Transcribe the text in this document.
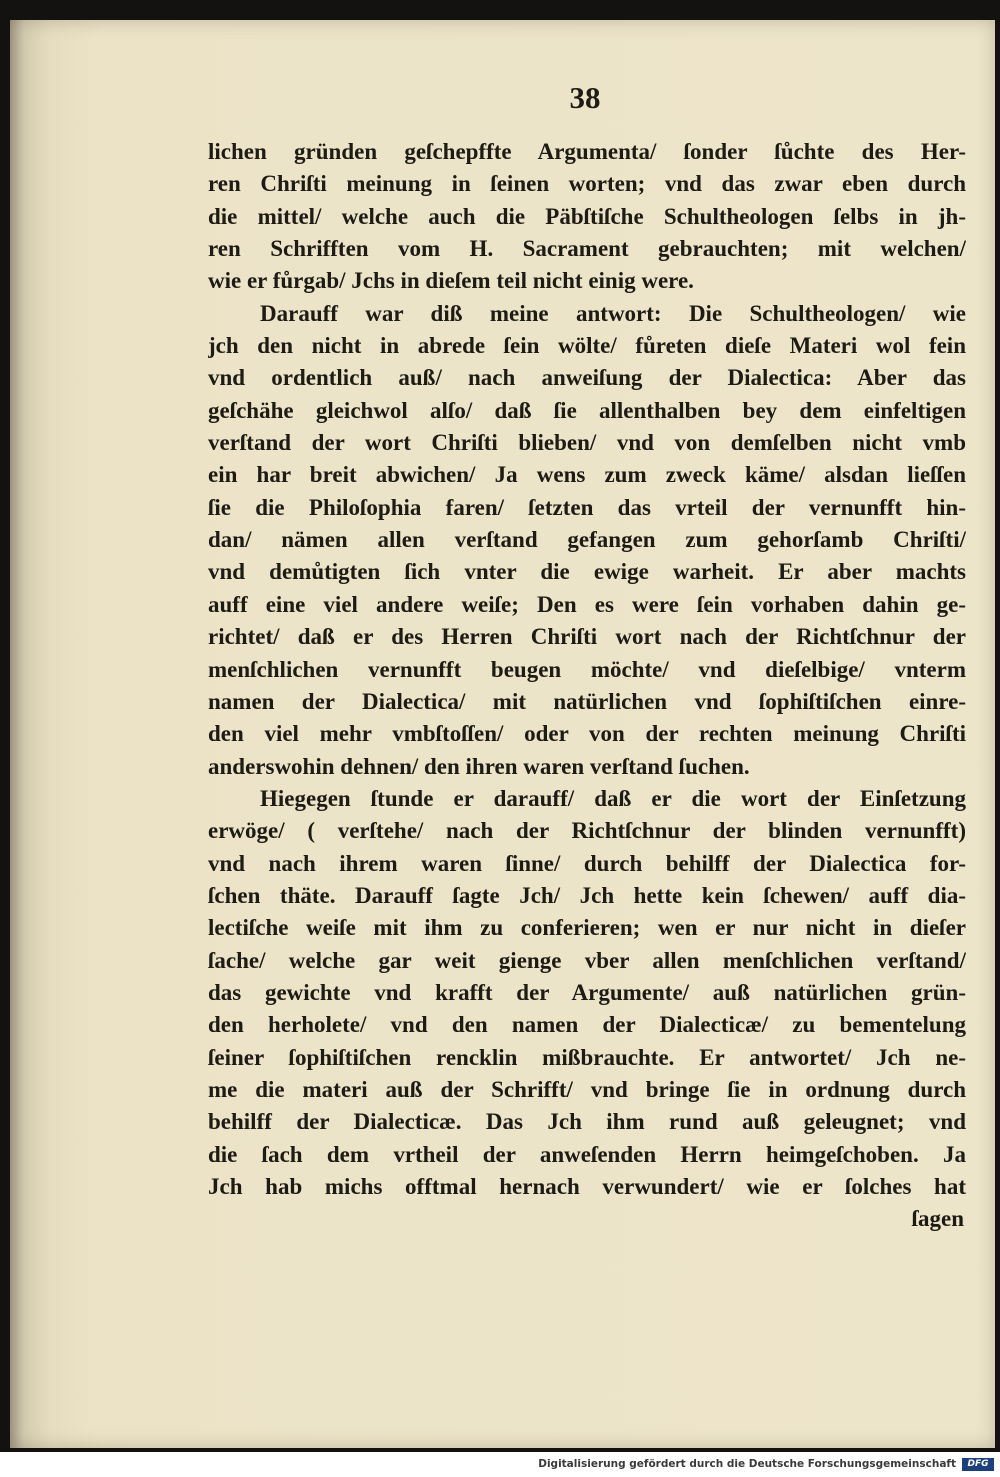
38
lichen gründen geſchepffte Argumenta/ ſonder ſůchte des Her-
ren Chriſti meinung in ſeinen worten; vnd das zwar eben durch
die mittel/ welche auch die Päbſtiſche Schultheologen ſelbs in jh-
ren Schrifften vom H. Sacrament gebrauchten; mit welchen/
wie er fůrgab/ Jchs in dieſem teil nicht einig were.
Darauff war diß meine antwort: Die Schultheologen/ wie
jch den nicht in abrede ſein wölte/ fůreten dieſe Materi wol fein
vnd ordentlich auß/ nach anweiſung der Dialectica: Aber das
geſchähe gleichwol alſo/ daß ſie allenthalben bey dem einfeltigen
verſtand der wort Chriſti blieben/ vnd von demſelben nicht vmb
ein har breit abwichen/ Ja wens zum zweck käme/ alsdan lieſſen
ſie die Philoſophia faren/ ſetzten das vrteil der vernunfft hin-
dan/ nämen allen verſtand gefangen zum gehorſamb Chriſti/
vnd demůtigten ſich vnter die ewige warheit. Er aber machts
auff eine viel andere weiſe; Den es were ſein vorhaben dahin ge-
richtet/ daß er des Herren Chriſti wort nach der Richtſchnur der
menſchlichen vernunfft beugen möchte/ vnd dieſelbige/ vnterm
namen der Dialectica/ mit natürlichen vnd ſophiſtiſchen einre-
den viel mehr vmbſtoſſen/ oder von der rechten meinung Chriſti
anderswohin dehnen/ den ihren waren verſtand ſuchen.
Hiegegen ſtunde er darauff/ daß er die wort der Einſetzung
erwöge/ ( verſtehe/ nach der Richtſchnur der blinden vernunfft)
vnd nach ihrem waren ſinne/ durch behilff der Dialectica for-
ſchen thäte. Darauff ſagte Jch/ Jch hette kein ſchewen/ auff dia-
lectiſche weiſe mit ihm zu conferieren; wen er nur nicht in dieſer
ſache/ welche gar weit gienge vber allen menſchlichen verſtand/
das gewichte vnd krafft der Argumente/ auß natürlichen grün-
den herholete/ vnd den namen der Dialecticæ/ zu bementelung
ſeiner ſophiſtiſchen rencklin mißbrauchte. Er antwortet/ Jch ne-
me die materi auß der Schrifft/ vnd bringe ſie in ordnung durch
behilff der Dialecticæ. Das Jch ihm rund auß geleugnet; vnd
die ſach dem vrtheil der anweſenden Herrn heimgeſchoben. Ja
Jch hab michs offtmal hernach verwundert/ wie er ſolches hat
ſagen
Digitalisierung gefördert durch die Deutsche Forschungsgemeinschaft	DFG
